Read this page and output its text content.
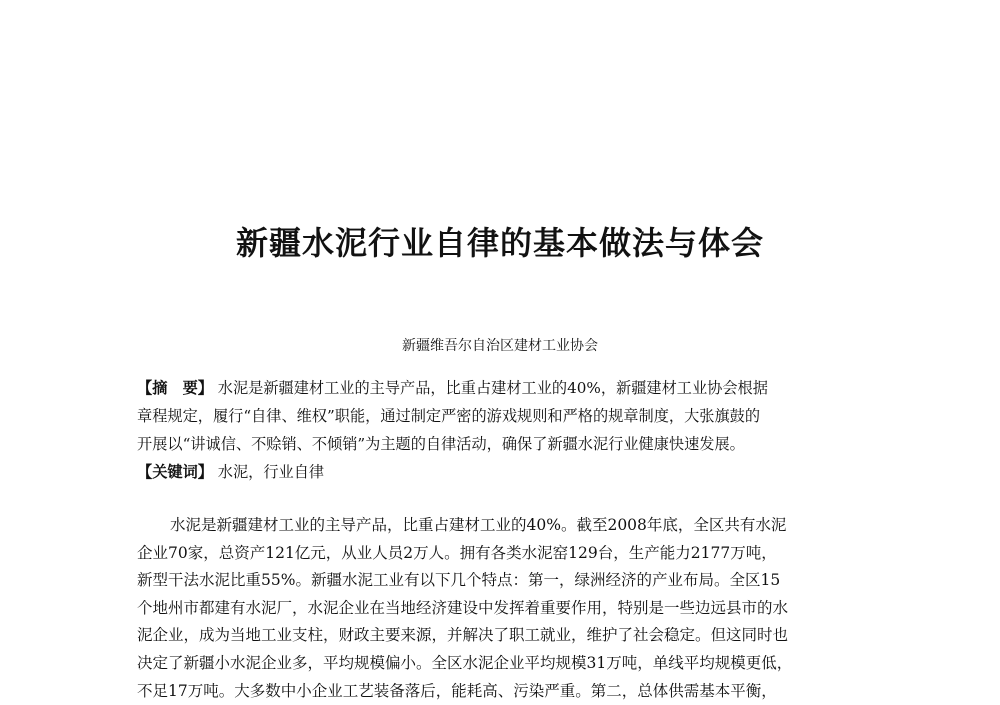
新疆水泥行业自律的基本做法与体会
新疆维吾尔自治区建材工业协会

【摘　要】 水泥是新疆建材工业的主导产品，比重占建材工业的40%，新疆建材工业协会根据

章程规定，履行“自律、维权”职能，通过制定严密的游戏规则和严格的规章制度，大张旗鼓的

开展以“讲诚信、不赊销、不倾销”为主题的自律活动，确保了新疆水泥行业健康快速发展。

【关键词】 水泥，行业自律

水泥是新疆建材工业的主导产品，比重占建材工业的40%。截至2008年底，全区共有水泥

企业70家，总资产121亿元，从业人员2万人。拥有各类水泥窑129台，生产能力2177万吨，

新型干法水泥比重55%。新疆水泥工业有以下几个特点：第一，绿洲经济的产业布局。全区15

个地州市都建有水泥厂，水泥企业在当地经济建设中发挥着重要作用，特别是一些边远县市的水

泥企业，成为当地工业支柱，财政主要来源，并解决了职工就业，维护了社会稳定。但这同时也

决定了新疆小水泥企业多，平均规模偏小。全区水泥企业平均规模31万吨，单线平均规模更低，

不足17万吨。大多数中小企业工艺装备落后，能耗高、污染严重。第二，总体供需基本平衡，
